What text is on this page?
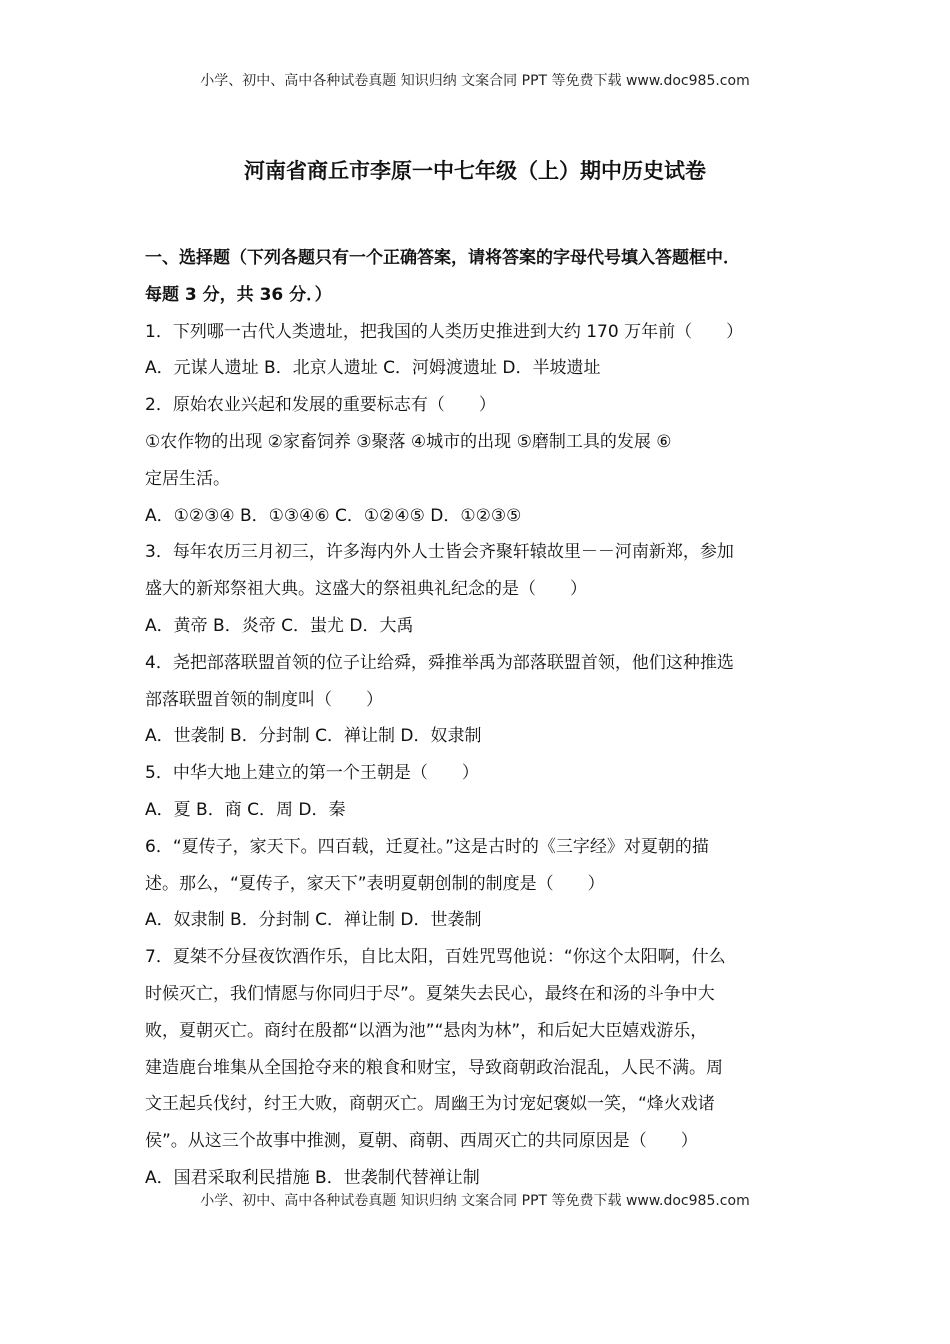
小学、初中、高中各种试卷真题 知识归纳 文案合同 PPT 等免费下载 www.doc985.com
河南省商丘市李原一中七年级（上）期中历史试卷
一、选择题（下列各题只有一个正确答案，请将答案的字母代号填入答题框中．
每题 3 分，共 36 分．）
1．下列哪一古代人类遗址，把我国的人类历史推进到大约 170 万年前（　　）
A．元谋人遗址 B．北京人遗址 C．河姆渡遗址 D．半坡遗址
2．原始农业兴起和发展的重要标志有（　　）
①农作物的出现 ②家畜饲养 ③聚落 ④城市的出现 ⑤磨制工具的发展 ⑥
定居生活。
A．①②③④ B．①③④⑥ C．①②④⑤ D．①②③⑤
3．每年农历三月初三，许多海内外人士皆会齐聚轩辕故里－－河南新郑，参加
盛大的新郑祭祖大典。这盛大的祭祖典礼纪念的是（　　）
A．黄帝 B．炎帝 C．蚩尤 D．大禹
4．尧把部落联盟首领的位子让给舜，舜推举禹为部落联盟首领，他们这种推选
部落联盟首领的制度叫（　　）
A．世袭制 B．分封制 C．禅让制 D．奴隶制
5．中华大地上建立的第一个王朝是（　　）
A．夏 B．商 C．周 D．秦
6．“夏传子，家天下。四百载，迁夏社。”这是古时的《三字经》对夏朝的描
述。那么，“夏传子，家天下”表明夏朝创制的制度是（　　）
A．奴隶制 B．分封制 C．禅让制 D．世袭制
7．夏桀不分昼夜饮酒作乐，自比太阳，百姓咒骂他说：“你这个太阳啊，什么
时候灭亡，我们情愿与你同归于尽”。夏桀失去民心，最终在和汤的斗争中大
败，夏朝灭亡。商纣在殷都“以酒为池”“悬肉为林”，和后妃大臣嬉戏游乐，
建造鹿台堆集从全国抢夺来的粮食和财宝，导致商朝政治混乱，人民不满。周
文王起兵伐纣，纣王大败，商朝灭亡。周幽王为讨宠妃褒姒一笑，“烽火戏诸
侯”。从这三个故事中推测，夏朝、商朝、西周灭亡的共同原因是（　　）
A．国君采取利民措施 B．世袭制代替禅让制
小学、初中、高中各种试卷真题 知识归纳 文案合同 PPT 等免费下载 www.doc985.com
